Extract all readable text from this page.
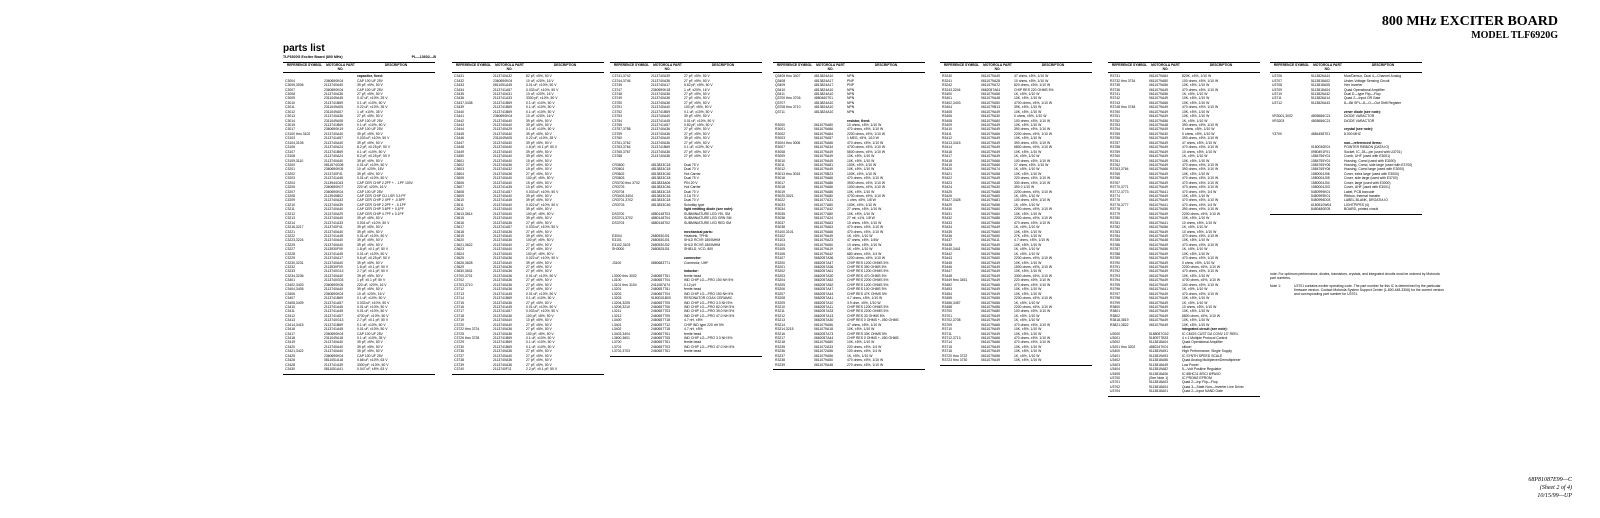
800 MHz EXCITER BOARD
MODEL TLF6920G
parts list
TLF6920G Exciter Board (800 MHz)	PL—13602—B
REFERENCE SYMBOL	MOTOROLA PART NO.
DESCRIPTION
capacitor, fixed:
C3004	2360690K04	CAP 100 UF 25V
C3005,3006	2113740A40	39 pF, ±5%, 50 V
C3007	2360690K04	CAP 100 UF 25V
C3008	2113740A36	27 pF, ±5%, 50 V
C3009	2311049A45	0.47 uF, ±10%, 25 V
C3010	2113741B69	0.1 uF, ±10%, 50 V
C3011	2311049A05	0.22 uF, ±10%, 35 V
C3012	2311049A07	1 uF, ±10%, 35 V
C3013	2113740A36	27 pF, ±5%, 50 V
C3014	2311049A08	CAP 100 UF 25V
C3015	2113741B69	0.1 uF, ±10%, 50 V
C3017	2360690K19	CAP 100 UF 25V
C3100 thru 3102	2113740A40	39 pF, ±5%, 50 V
C3103	2113741A57	0.033 uF, ±10%, 50 V
C3104,3105	2113740A40	39 pF, ±5%, 50 V
C3106	2113740A24	8.2 pF, ±0.25 pF, 50 V
C3107	2113741B69	0.1 uF, ±10%, 50 V
C3108	2113740A24	8.2 pF, ±0.25 pF, 50 V
C3109,3110	2113740A40	39 pF, ±5%, 50 V
C3200	0811574G08	0.01 uF, ±10%, 50 V
C3201	2360690K05	10 uF, ±20%, 16V
C3202	2113740F41	39 pF, ±5%, 50 V
C3203	2113741A45	0.01 uF, ±10%, 50 V
C3204	2113944C63	CAP CER CHIP 2.2PF + - .1PF 100V
C3205	2360690K07	220 uF, ±20%, 16 V
C3207	2360690K04	CAP 100 UF 25V
C3208	2113945B02	CAP CER CHIP CLI LSR 3.3 PF
C3209	2113740A33	CAP CER CHIP 2 4PF + -0.5PF
C3210	2113740A39	CAP CER CHIP 2.2PF + - 0.1PF
C3211	2113740A40	CAP CER CHIP 3.6PF + 0.1PF
C3212	2113740A29	CAP CER CHIP 4.7PF ± 0.1PF
C3213	2113740A40	39 pF, ±5%, 50 V
C3214	2113741A33	0.001 uF, ±10%, 50 V
C3216,3217	2113740F41	39 pF, ±5%, 50 V
C3221	2113740A40	39 pF, ±5%, 50 V
C3222	2113741A45	0.01 uF, ±10%, 50 V
C3223,3224	2113740A40	39 pF, ±5%, 50 V
C3225	2113740A40	39 pF, ±5%, 50 V
C3227	2113930F09	1.8 pF, ±0.1 pF, 50 V
C3228	2113741A45	0.01 uF, ±10%, 50 V
C3229	2113740A17	5.6 pF, ±0.25 pF, 50 V
C3230,3231	2113740A40	39 pF, ±5%, 50 V
C3232	2113930F09	1.8 pF, ±0.1 pF, 50 V
C3233	2113740G13	2.7 pF, ±0.1 pF, 50 V
C3234,3236	2113740A40	39 pF, ±5%, 50 V
C3401	2113740G03	1 pF, ±0.1 pF, 50 V
C3402,3403	2360690K06	220 uF, ±20%, 16 V
C3404,3405	2113740A40	39 pF, ±5%, 50 V
C3406	2360690K04	10 uF, ±20%, 16 V
C3407	2113741B69	0.1 uF, ±10%, 50 V
C3408,3409	2113741A57	0.033 uF, ±10%, 50 V
C3410	2113741A45	0.01 uF, ±10%, 50 V
C3411	2113741A45	0.01 uF, ±10%, 50 V
C3412	2113741A57	4700 pF, ±10%, 50 V
C3413	2113740G13	2.7 pF, ±0.1 pF, 50 V
C3414,3415	2113741B69	0.1 uF, ±10%, 50 V
C3416	2113741A45	0.01 uF, ±10%, 50 V
C3417	2360690K04	CAP 100 UF 25V
C3418	2311049A18	0.1 uF, ±10%, 35 V
C3419	2113740A40	39 pF, ±5%, 50 V
C3420	2113740A40	39 pF, ±5%, 50 V
C3421,3422	2113740A40	39 pF, ±5%, 50 V
C3425	2360690K04	CAP 100 UF 25V
C3426	0811051A18	0.68 uF, ±10%, 63 V
C3428	2113741A39	3300 pF, ±10%, 50 V
C3430	0811051A41	0.047 uF, ±5%, 63 V
REFERENCE SYMBOL	MOTOROLA PART NO.
DESCRIPTION
C3431	2113740A32	82 pF, ±5%, 50 V
C3432	2360690K04	10 uF, ±20%, 16 V
C3433	0811051A45	0.01 uF, ±10%, 50 V
C3434	2113741A57	0.033 uF, ±10%, 50 V
C3435	2113740A31	10 uF, ±20%, 16 V
C3436	2113741A33	3300 pF, ±10%, 50 V
C3437,3438	2113741B69	0.1 uF, ±10%, 50 V
C3439	2113741B69	0.1 uF, ±10%, 50 V
C3440	2113741B69	0.1 uF, ±10%, 50 V
C3441	2360690K04	10 uF, ±20%, 16 V
C3442	2113740A40	39 pF, ±5%, 50 V
C3443	2113740A40	39 pF, ±5%, 50 V
C3444	2113740A29	0.1 uF, ±10%, 50 V
C3445	2113740A40	39 pF, ±5%, 50 V
C3446	2311049A05	0.22 uF, ±10%, 35 V
C3447	2113740A40	39 pF, ±5%, 50 V
C3448	2113740A40	1.8 pF, ±0.1 pF, 50 V
C3449	2113740A40	39 pF, ±5%, 50 V
C3450	2113740A40	39 pF, ±5%, 50 V
C3601	2113740A40	15 pF, ±5%, 50 V
C3602	2113740A36	27 pF, ±5%, 50 V
C3603	2113740A32	15 pF, ±5%, 50 V
C3604	2113740A36	27 pF, ±5%, 50 V
C3605	2113740A40	100 pF, ±5%, 50 V
C3606	2113740A40	15 pF, ±5%, 50 V
C3607	2113741A35	10 pF, ±5%, 50 V
C3608	2113741A57	0.033 uF, ±10%, 50 V
C3609	2113740A40	39 pF, ±5%, 50 V
C3610	2113741A45	39 pF, ±5%, 50 V
C3611	2113740A40	0.022 uF, ±10%, 50 V
C3612	2113740A40	39 pF, ±5%, 50 V
C3613,3614	2113740A40	100 pF, ±5%, 50 V
C3615	2113740A40	39 pF, ±5%, 50 V
C3616	2113740A36	27 pF, ±5%, 50 V
C3617	2113741A57	0.033 uF, ±10%, 50 V
C3618	2113740A36	27 pF, ±5%, 50 V
C3619	2113740A40	39 pF, ±5%, 50 V
C3620	2113740A36	100 pF, ±5%, 50 V
C3621,3622	2113740A40	27 pF, ±5%, 50 V
C3623	2113740A40	27 pF, ±5%, 50 V
C3624	2113740A40	100 pF, ±5%, 50 V
C3625	2113740A36	0.022 uF, ±10%, 50 V
C3626,3628	2113740A40	39 pF, ±5%, 50 V
C3629	2113740A36	27 pF, ±5%, 50 V
C3630,3631	2113740A36	27 pF, ±5%, 50 V
C3700,3701	2113740A36	0.01 uF, ±10%, 50 V
C3702	2113740A36	27 pF, ±5%, 50 V
C3703,3710	2113740A36	27 pF, ±5%, 50 V
C3712	2113740A36	27 pF, ±5%, 50 V
C3713	2113741A45	0.01 uF, ±10%, 50 V
C3714	2113741B69	0.1 uF, ±10%, 50 V
C3715	2113740A36	27 pF, ±5%, 50 V
C3716	2113741A45	0.01 uF, ±10%, 50 V
C3717	2113741A57	0.033 uF, ±10%, 50 V
C3718	2113740A36	100 pF, ±5%, 50 V
C3719	2113740A40	10 pF, ±5%, 50 V
C3720	2113740A40	27 pF, ±5%, 50 V
C3722 thru 3724	2113740A36	27 pF, ±5%, 50 V
C3725	2113740A36	100 pF, ±5%, 50 V
C3726 thru 3728	2113741B69	0.1 uF, ±10%, 50 V
C3729	2113741B69	0.1 uF, ±10%, 50 V
C3730	2113741B69	0.1 uF, ±10%, 50 V
C3736	2113740A36	27 pF, ±5%, 50 V
C3737	2113740A40	27 pF, ±5%, 50 V
C3738	2113740A36	27 pF, ±5%, 50 V
C3739	2113740A36	27 pF, ±5%, 50 V
C3740	2113740F11	2.2 pF, ±0.1 pF, 50 V
REFERENCE SYMBOL	MOTOROLA PART NO.
DESCRIPTION
C3741,3742	2113740A39	27 pF, ±5%, 50 V
C3744,3746	2113740A36	27 pF, ±5%, 50 V
C3745	2113740A17	5.62 pF, ±5%, 50 V
C3747	2360690K18	1 uF, ±20%, 16 V
C3748	2113740A36	27 pF, ±5%, 50 V
C3749	2113740A36	27 pF, ±5%, 50 V
C3750	2113740A36	27 pF, ±5%, 50 V
C3751	2113740A40	100 pF, ±5%, 50 V
C3752	2113741B69	0.1 uF, ±10%, 50 V
C3753	2113740A40	39 pF, ±5%, 50 V
C3754	2113741A45	0.01 uF, ±10%, 50 V
C3755	2113741A57	0.82 pF, ±5%, 50 V
C3757,3758	2113740A36	27 pF, ±5%, 50 V
C3759	2113740A36	27 pF, ±5%, 50 V
C3760	2113740A40	39 pF, ±5%, 50 V
C3761,3762	2113740A36	27 pF, ±5%, 50 V
C3763,3764	2113741B69	0.1 uF, ±10%, 50 V
C3765,3767	2113740A36	27 pF, ±5%, 50 V
C3768	2113740A36	27 pF, ±5%, 50 V
CR3600	4813833C18	Dual 75 V
CR3601	4813833C18	Dual 70 V
CR3602	4813833C46	Hot Carrier
CR3603	4813833C18	Dual 75 V
CR3700 thru 3702	4813833A06	PIN 20 V
CR3703	4813833C46	Hot Carrier
CR3704	4813833C18	Dual 70 V
CR3403,3404	4813833C18	0.1A 75 V
CR3701,3702	4813833C18	Dual 70 V
CR3703	4813833C46	Schottky type
light emitting diode (see note):
DS3700	4880148T03	SUBMINIATURE LED YEL SM
DS3701,3702	4880148T04	SUBMINIATURE LED GRN SM
DS3703	4880148T02	SUBMINIATURE LED RED SM
mechanical parts:
E3004	2680530J01	Heatsink, TPH8
E3101	2680530J01	SHLD RCVR 1800MHM
E3102,3103	2680530J02	SHLD RCVR 1800MHM
SH3000	2680525J01	SHIELD, VCO, 800
connector:
J3100	0880683T71	Connector, UHF
inductor:
L3000 thru 3002	2460657T61	ferrite bead
L3100	2460657T04	IND CHIP LO—PRO 150 NH 5%
L3101 thru 3104	2411087A74	0.12 µH
L3201	2460657T61	ferrite bead
L3202	2460657T04	IND CHIP LO—PRO 150 NH 5%
L3203	9180D01B00	RESONATOR COAX CERAMIC
L3204,3205	2460657T05	IND CHIP LO—PRO 3.3 NH 5%
L3206,3210	2460657T06	IND CHIP LO—PRO 82.0 NH 5%
L3211	2460657T03	IND CHIP LO—PRO 39.0 NH 5%
L3212	2460657T05	IND CHIP LO—PRO 47.0 NH 5%
L3400	2460657T18	4.7 nH, ±5%
L3401	2460657T12	CHIP IND type 220 nH 5%
L3402	2460657T18	4.7 nH, ±5%
L3403,3404	2460657T61	ferrite bead
L3600,3601	2460657T05	IND CHIP LO—PRO 3.3 NH 5%
L3700	2460657T61	ferrite bead
L3701	2460657T03	IND CHIP LO—PRO 47.0 NH 5%
L3702,3703	2460657T61	ferrite bead
REFERENCE SYMBOL	MOTOROLA PART NO.
DESCRIPTION
Q3405 thru 3407	4813824A10	NPN
Q3408	4813824A17	PNP
Q3409	4813824A17	PNP
Q3410	4813824A10	NPN
Q3411	4813824A10	NPN
Q3700 thru 3706	4880460T01	NPN
Q3707	4813824A10	NPN
Q3708 thru 3710	4813824A10	NPN
Q3711	4813824A10	NPN
resistor, fixed:
R3000	0611079A80	10 ohms, ±5%, 1/10 W
R3001	0611079A66	470 ohms, ±5%, 1/10 W
R3002	0611079A84	2200 ohms, ±5%, 1/10 W
R3003	0611079A57	1 MEG, ±5%, 1/10 W
R3004 thru 3006	0611079A66	470 ohms, ±5%, 1/10 W
R3007	0611079A34	4700 ohms, ±5%, 1/10 W
R3008	0611079A49	5600 ohms, ±5%, 1/10 W
R3009	0611079A49	10K, ±5%, 1/10 W
R3010	0611079A49	10K, ±5%, 1/10 W
R3011	0611079A81	100K, ±5%, 1/10 W
R3012	0611079A49	10K, ±5%, 1/10 W
R3013 thru 3015	0611079B23	100K, ±5%, 1/10 W
R3016	0611079A66	470 ohms, ±5%, 1/10 W
R3017	0611079A86	3900 ohms, ±5%, 1/10 W
R3018	0611079A66	1000 ohms, ±5%, 1/10 W
R3019	0611079A86	10K, ±5%, 1/10 W
R3020,3021	0611079A80	4700 ohms, ±5%, 1/10 W
R3022	0611077A31	1 ohm, ±5%, 1/8 W
R3033	0611077A80	100K, ±5%, 1/10 W
R3034	0611077A42	27 ohms, ±5%, 1/10 W
R3035	0611077A80	10K, ±5%, 1/10 W
R3036	0611077A24	27 mf, ±1%, 1/8 W
R3037	0611079A63	10 ohms, ±5%, 1/10 W
R3038	0611079A63	470 ohms, ±5%, 1/10 W
R3100,3101	0611079A66	470 ohms, ±5%, 1/10 W
R3102	0611079A49	1K, ±5%, 1/10 W
R3103	0611079A23	47 ohms, ±5%, 1/4W
R3104	0611079A50	10 ohms, ±5%, 1/10 W
R3105	0611079A19	1K, ±5%, 1/10 W
R3106	0611079A42	680 ohms, ±5%, 1/4 W
R3107	0662057A36	1200 ohms, ±5%, 1/10 W
R3200	0662057A47	CHIP RES 1200 OHMS 5%
R3201	0662057A36	CHIP RES 390 OHMS 5%
R3202	0662057A61	CHIP RES 1200 OHMS 5%
R3203	0662057A30	CHIP RES 470 OHMS 5%
R3204	0662057A52	CHIP RES 2200 OHMS 5%
R3205	0662057A52	CHIP RES 1200 OHMS 5%
R3206	0662057A47	CHIP RES 100 OHMS 5%
R3207	0662057A44	CHIP RES 47K OHMS 5%
R3208	0662057A41	4.7 ohms, ±5%, 1/10 W
R3209	0662057A10	3.9 ohm, ±5%, 1/10 W
R3210	0662057A11	CHIP RES 1200 OHMS 5%
R3211	0662057A33	CHIP RES 2200 OHMS 5%
R3212	0662057A13	CHIP RES 33 OHMS 5%
R3213	0662057A30	CHIP RES 0 OHMS +-.050 OHMS
R3214	0611079A56	47 ohms, ±5%, 1/10 W
R3214,3215	0611079A18	10K, ±5%, 1/10 W
R3216	0662057A73	CHIP RES 33K OHMS 5%
R3217	0662057A44	CHIP RES 0 OHMS +-.050 OHMS
R3218	0611079A80	10K, ±5%, 1/10 W
R3235	0611072A33	220 ohms, ±5%, 1/4 W
R3236	0611072A56	100 ohms, ±5%, 1/4 W
R3237	0611079A56	1K, ±5%, 1/10 W
R3238	0611079A50	470 ohms, ±5%, 1/10 W
R3239	0611079A48	270 ohms, ±5%, 1/10 W
REFERENCE SYMBOL	MOTOROLA PART NO.
DESCRIPTION
R3240	0611079A49	47 ohms, ±5%, 1/10 W
R3241	0611079A28	10 ohms, ±5%, 1/10 W
R3242	0611079A72	820 ohms, ±5%, 1/10 W
R3243,3244	0662057A61	CHIP RES 220 OHMS 5%
R3400	0611079A56	1K, ±5%, 1/10 W
R3401	0611079A48	10K, ±5%, 1/10 W
R3402,3403	0611079A50	4700 ohms, ±5%, 1/10 W
R3404	0611079B13	39K, ±5%, 1/10 W
R3405	0611079A49	10K, ±5%, 1/10 W
R3406	0611079A30	0 ohms, ±5%, 1/10 W
R3408	0611079A60	100 ohms, ±5%, 1/10 W
R3409	0611079A49	10K, ±5%, 1/10 W
R3410	0611079A49	390 ohms, ±5%, 1/10 W
R3411	0611079A66	2200 ohms, ±5%, 1/10 W
R3412	0611079A49	10K, ±5%, 1/10 W
R3413,3415	0611079A49	390 ohms, ±5%, 1/10 W
R3414	0611079A49	6800 ohms, ±5%, 1/10 W
R3416	0611079A49	10K, ±5%, 1/10 W
R3417	0611079A49	1K, ±5%, 1/10 W
R3418	0611079A66	100 ohms, ±5%, 1/10 W
R3419	0611079A66	27 ohms, ±5%, 1/10 W
R3420	0611079A74	1K, ±5%, 1/10 W
R3421	0611079A58	10K, ±5%, 1/10 W
R3422	0611079A49	220 ohms, ±5%, 1/10 W
R3423	0611079A48	330 ohms, ±5%, 1/10 W
R3424	0611079A30	390 0 1/10 W
R3425	0611079A86	2200 ohms, ±5%, 1/10 W
R3426	0611079A60	1K, ±5%, 1/10 W
R3427,3428	0611079A81	100 ohms, ±5%, 1/10 W
R3429	0611079A56	1K, ±5%, 1/10 W
R3430	0611079A60	2200 ohms, ±5%, 1/10 W
R3431	0611079A60	10K, ±5%, 1/10 W
R3432	0611079A86	2200 ohms, ±5%, 1/10 W
R3433	0611079A66	470 ohms, ±5%, 1/10 W
R3434	0611079A49	1K, ±5%, 1/10 W
R3435	0611079A60	10K, ±5%, 1/10 W
R3436	0611079A50	27K, ±5%, 1/10 W
R3437	0611079A11	4.7 ohms, ±5%, 1/10 W
R3438	0611079A49	10K, ±5%, 1/10 W
R3440,3441	0611079A56	1K, ±5%, 1/10 W
R3442	0611079A56	1K, ±5%, 1/10 W
R3443	0611079A60	2200 ohms, ±5%, 1/10 W
R3445	0611079A49	10K, ±5%, 1/10 W
R3446	0611079A49	1500 ohms, ±5%, 1/10 W
R3447	0611079A49	10K, ±5%, 1/10 W
R3448	0611079A49	3300 ohms, ±5%, 1/10 W
R3449 thru 3451	0611079A49	220 ohms, ±5%, 1/10 W
R3452	0611079A66	470 ohms, ±5%, 1/10 W
R3453	0611079A49	10K, ±5%, 1/10 W
R3454	0611079A49	10K, ±5%, 1/10 W
R3455	0611079A56	2200 ohms, ±5%, 1/10 W
R3456,3457	0611079A56	1K, ±5%, 1/10 W
R3458	0611079A56	2200 ohms, ±5%, 1/10 W
R3700	0611079A80	100 ohms, ±5%, 1/10 W
R3701	0611079A49	1K, ±5%, 1/10 W
R3702,3708	0611079A49	1K, ±5%, 1/10 W
R3709	0611079A66	470 ohms, ±5%, 1/10 W
R3710	0611079A49	10K, ±5%, 1/10 W
R3711	0611079A49	10K, ±5%, 1/10 W
R3712,3713	0611079A66	470 ohms, ±5%, 1/10 W
R3714	0611079A66	470 ohms, ±5%, 1/10 W
R3715	0611079A49	10K, ±5%, 1/10 W
R3716	0611079A49	10K, ±5%, 1/10 W
R3720 thru 3722	0611079A56	1K, ±5%, 1/10 W
R3723 thru 3730	0611079A49	10K, ±5%, 1/10 W
REFERENCE SYMBOL	MOTOROLA PART NO.
DESCRIPTION
R3731	0611079A84	820K, ±5%, 1/10 W
R3732 thru 3734	0611079A80	100 ohms, ±5%, 1/10 W
R3735	0611079A56	10K, ±5%, 1/10 W
R3736	0611079A49	470 ohms, ±5%, 1/10 W
R3741	0611079A56	1K, ±5%, 1/10 W
R3742	0611079A49	10K, ±5%, 1/10 W
R3743	0611079A66	10K, ±5%, 1/10 W
R3748 thru 3748	0611079A49	470 ohms, ±5%, 1/10 W
R3750	0611079A49	10K, ±5%, 1/10 W
R3751	0611079A49	10K, ±5%, 1/10 W
R3752	0611079A56	1K, ±5%, 1/10 W
R3753	0611079A48	390 ohms, ±5%, 1/10 W
R3754	0611079A49	0 ohms, ±5%, 1/10 W
R3755	0611079A30	0 ohms, ±5%, 1/10 W
R3756	0611079A49	390 ohms, ±5%, 1/10 W
R3757	0611079A49	47 ohms, ±5%, 1/10 W
R3758	0611079A49	470 ohms, ±5%, 1/10 W
R3759	0611079A49	10 ohms, ±5%, 1/10 W
R3760	0611079A49	1K, ±5%, 1/10 W
R3761	0611079A49	10K, ±5%, 1/10 W
R3762	0611079A49	470 ohms, ±5%, 1/10 W
R3763,3764	0611079A66	390 ohms, ±5%, 1/10 W
R3765	0611079A49	10K, ±5%, 1/10 W
R3766	0611079A49	470 ohms, ±5%, 1/10 W
R3767	0611079A49	470 ohms, ±5%, 1/10 W
R3770,3771	0611079A49	470 ohms, ±5%, 1/10 W
R3772,3773	0611079A41	470 ohms, ±5%, 1/4 W
R3774	0611079A49	10K, ±5%, 1/10 W
R3775	0611079A49	470 ohms, ±5%, 1/10 W
R3776,3777	0611079A41	470 ohms, ±5%, 1/4 W
R3778	0611079A56	390 ohms, ±5%, 1/10 W
R3779	0611079A49	2200 ohms, ±5%, 1/10 W
R3780	0611079A49	10K, ±5%, 1/10 W
R3781	0611079A41	10 ohms, ±5%, 1/10 W
R3782	0611079A56	1K, ±5%, 1/10 W
R3783	0611079A49	10 ohms, ±5%, 1/10 W
R3784	0611079A49	470 ohms, ±5%, 1/10 W
R3785	0611079A48	10K, ±5%, 1/10 W
R3786	0611079A49	470 ohms, ±5%, 1/10 W
R3787	0611079A56	1K, ±5%, 1/10 W
R3788	0611079A49	10K, ±5%, 1/10 W
R3789	0611079A49	470 ohms, ±5%, 1/10 W
R3790	0611079A49	0 ohms, ±5%, 1/10 W
R3791	0611079A49	2200 ohms, ±5%, 1/10 W
R3792	0611079A49	470 ohms, ±5%, 1/10 W
R3793	0611079A49	10K, ±5%, 1/10 W
R3794	0611079A49	4700 ohms, ±5%, 1/10 W
R3795	0611079A49	100 ohms, ±5%, 1/10 W
R3796	0611079A41	1K, ±5%, 1/10 W
R3797	0611079A49	470 ohms, ±5%, 1/10 W
R3798	0611079A49	10K, ±5%, 1/10 W
R3799	0611079A49	1K, ±5%, 1/10 W
R3800	0611079A49	10 ohms, ±5%, 1/10 W
R3801	0611079A49	10K, ±5%, 1/10 W
R3802	0611079A49	6800 ohms, ±5%, 1/10 W
R3818,3819	0611079A49	10K, ±5%, 1/10 W
R3821,3822	0611079A49	10K, ±5%, 1/10 W
integrated circuit (see note):
U3000	5188057G02	IC CMOS CUST DA CONV 13" REEL
U3001	5180977B33	4 x 1 Multiple Protocol Control
U3002	5113818A04	Quad Operational Amplifier
U3201 thru 3202	4882247K01	silicon
U3400	5113819A91	High Performance, Single Supply
U3401	5113819A93	IC SYNTH SPEED SCALE
U3402	5113818A56	Quad Analog Multiplexer/Demultiplexer
U3403	5113818A49	Low Power
U3404	5113819A82	5—Volt Positive Regulator
U3405	5113818A06	IC 68HC11 8/SCI 8/PA/IO
U3700	(See Note 1)	IC PROM2 EPROM
U3701	5113818A03	Quad 2—Inp Flip—Flop
U3702	5113818A04	Quad 3—State Non—Inverter Line Driver
U3704	5113818A01	Quad 2—Input NAND Gate
REFERENCE SYMBOL	MOTOROLA PART NO.
DESCRIPTION
U3706	5113826A44	Mux/Demux, Dual 4—Channel Analog
U3707	5113818A02	Under-Voltage Sensing Circuit
U3708	5113818A05	Hex Inverter
U3709	5113818A04	Quad Operational Amplifier
U3710	5113826A42	Dual D—type Flip—Flop
U3711	5113826A14	Quad 2—Input OR Gate
U3712	5113826A43	8—Bit SPI—8—O—Out Shift Register
zener diode (see note):
VR3001,3002	4805656C21	DIODE VARACTOR
VR3203	4805656C21	DIODE VARACTOR
crystal (see note):
Y3700	4884498T01	8.000 MHZ
non—referenced items:
0180030E01	POINTER RIBBON (DATA IO)
0980491F01	Socket, IC, 28—pin (used with U3701)
1584756Y01	Comb, UHF (used with E3001)
1584755Y01	Housing, Comd (used with E3000)
1584765Y06	Housing, Comd, side large (used with E3700)
1584765Y06	Housing, Comd large (used with E3000)
1580004J06	Cover, extra large (used with E3000)
1580004J05	Cover, side large (used with E3700)
1580004J04	Cover, large (used with E3000)
1580004J03	Cover, UHF (used with E3001)
5480999K01	Label, PCB barcode
5480999K01	Ribbon, thermal transfer
5480996D03	LABEL-BLANK, DROATIA IO
6180510W04	LIGHTPIPES (4)
8480480E05	BOARD, printed circuit
note: For optimum performance, diodes, transistors, crystals, and integrated circuits must be ordered by Motorola part numbers.
Note 1:	U3701 contains exciter operating code. The part number for this IC is determined by the particular firmware version. Contact Motorola System Support Center (1-800-448-3306) for the current version and corresponding part number for U3701.
68P81087E99—C
(Sheet 2 of 4)
10/15/99—UP
